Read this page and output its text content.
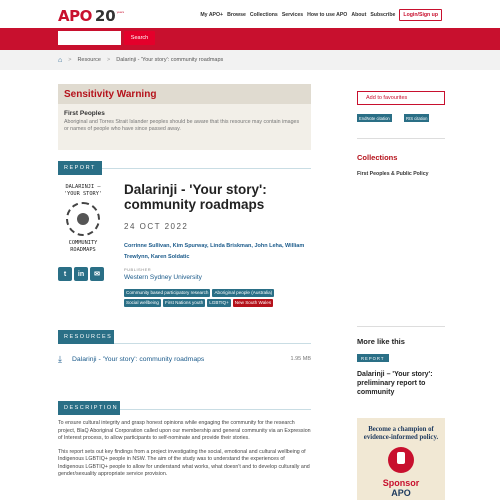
APO 20 years	My APO+ Browse Collections Services How to use APO About Subscribe	Login/Sign up
Search
⌂ > Resource > Dalarinji - 'Your story': community roadmaps
Sensitivity Warning
First Peoples
Aboriginal and Torres Strait Islander peoples should be aware that this resource may contain images or names of people who have since passed away.
REPORT
DALARINJI –
'YOUR STORY'
COMMUNITY
ROADMAPS
t	in	✉
Dalarinji - 'Your story': community roadmaps
24 OCT 2022
Corrinne Sullivan, Kim Spurway, Linda Briskman, John Leha, William Trewlynn, Karen Soldatic
PUBLISHER
Western Sydney University
Community based participatory research	Aboriginal people (Australia)
Social wellbeing	First Nations youth	LGBTIQ+	New South Wales
RESOURCES
⤓	Dalarinji - 'Your story': community roadmaps	1.95 MB
DESCRIPTION

To ensure cultural integrity and grasp honest opinions while engaging the community for the research project, BlaQ Aboriginal Corporation called upon our membership and general community via an Expression of Interest process, to allow participants to self-nominate and provide their stories.

This report sets out key findings from a project investigating the social, emotional and cultural wellbeing of Indigenous LGBTIQ+ people in NSW. The aim of the study was to understand the experiences of Indigenous LGBTIQ+ people to allow for understand what works, what doesn't and to develop culturally and gender/sexuality appropriate service provision.

Add to favourites
EndNote citation	RIS citation
Collections
First Peoples & Public Policy
More like this
REPORT
Dalarinji – 'Your story': preliminary report to community
Become a champion of evidence-informed policy.
Sponsor
APO
